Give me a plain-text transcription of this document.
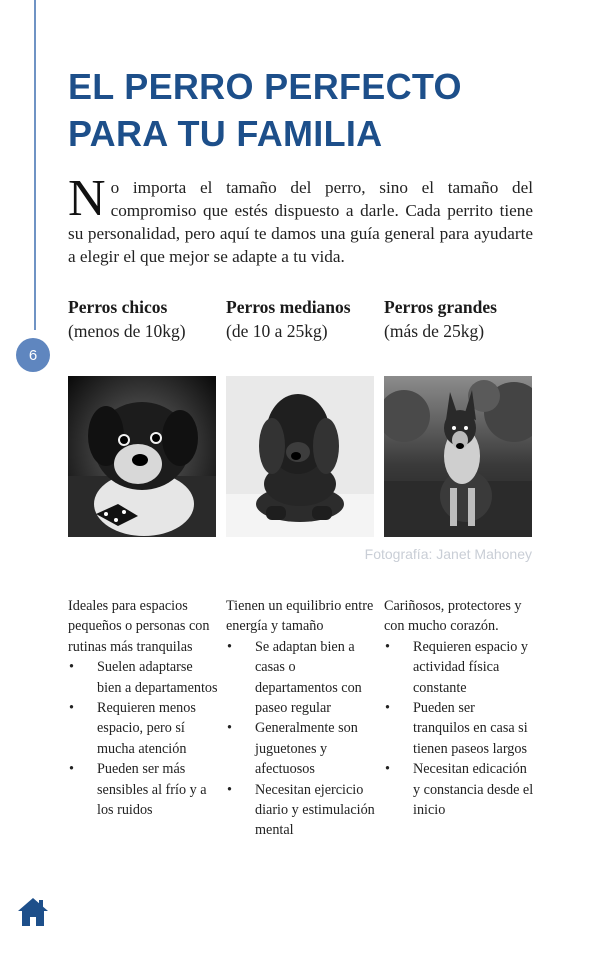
6
EL PERRO PERFECTO
PARA TU FAMILIA

No importa el tamaño del perro, sino el tamaño del compromiso que estés dispuesto a darle. Cada perrito tiene su personalidad, pero aquí te damos una guía general para ayudarte a elegir el que mejor se adapte a tu vida.

Perros chicos
(menos de 10kg)
Perros medianos
(de 10 a 25kg)
Perros grandes
(más de 25kg)
Fotografía: Janet Mahoney

Ideales para espacios pequeños o personas con rutinas más tranquilas

• Suelen adaptarse bien a departamentos
• Requieren menos espacio, pero sí mucha atención
• Pueden ser más sensibles al frío y a los ruidos

Tienen un equilibrio entre energía y tamaño

• Se adaptan bien a casas o departamentos con paseo regular
• Generalmente son juguetones y afectuosos
• Necesitan ejercicio diario y estimulación mental

Cariñosos, protectores y con mucho corazón.

• Requieren espacio y actividad física constante
• Pueden ser tranquilos en casa si tienen paseos largos
• Necesitan edicación y constancia desde el inicio
